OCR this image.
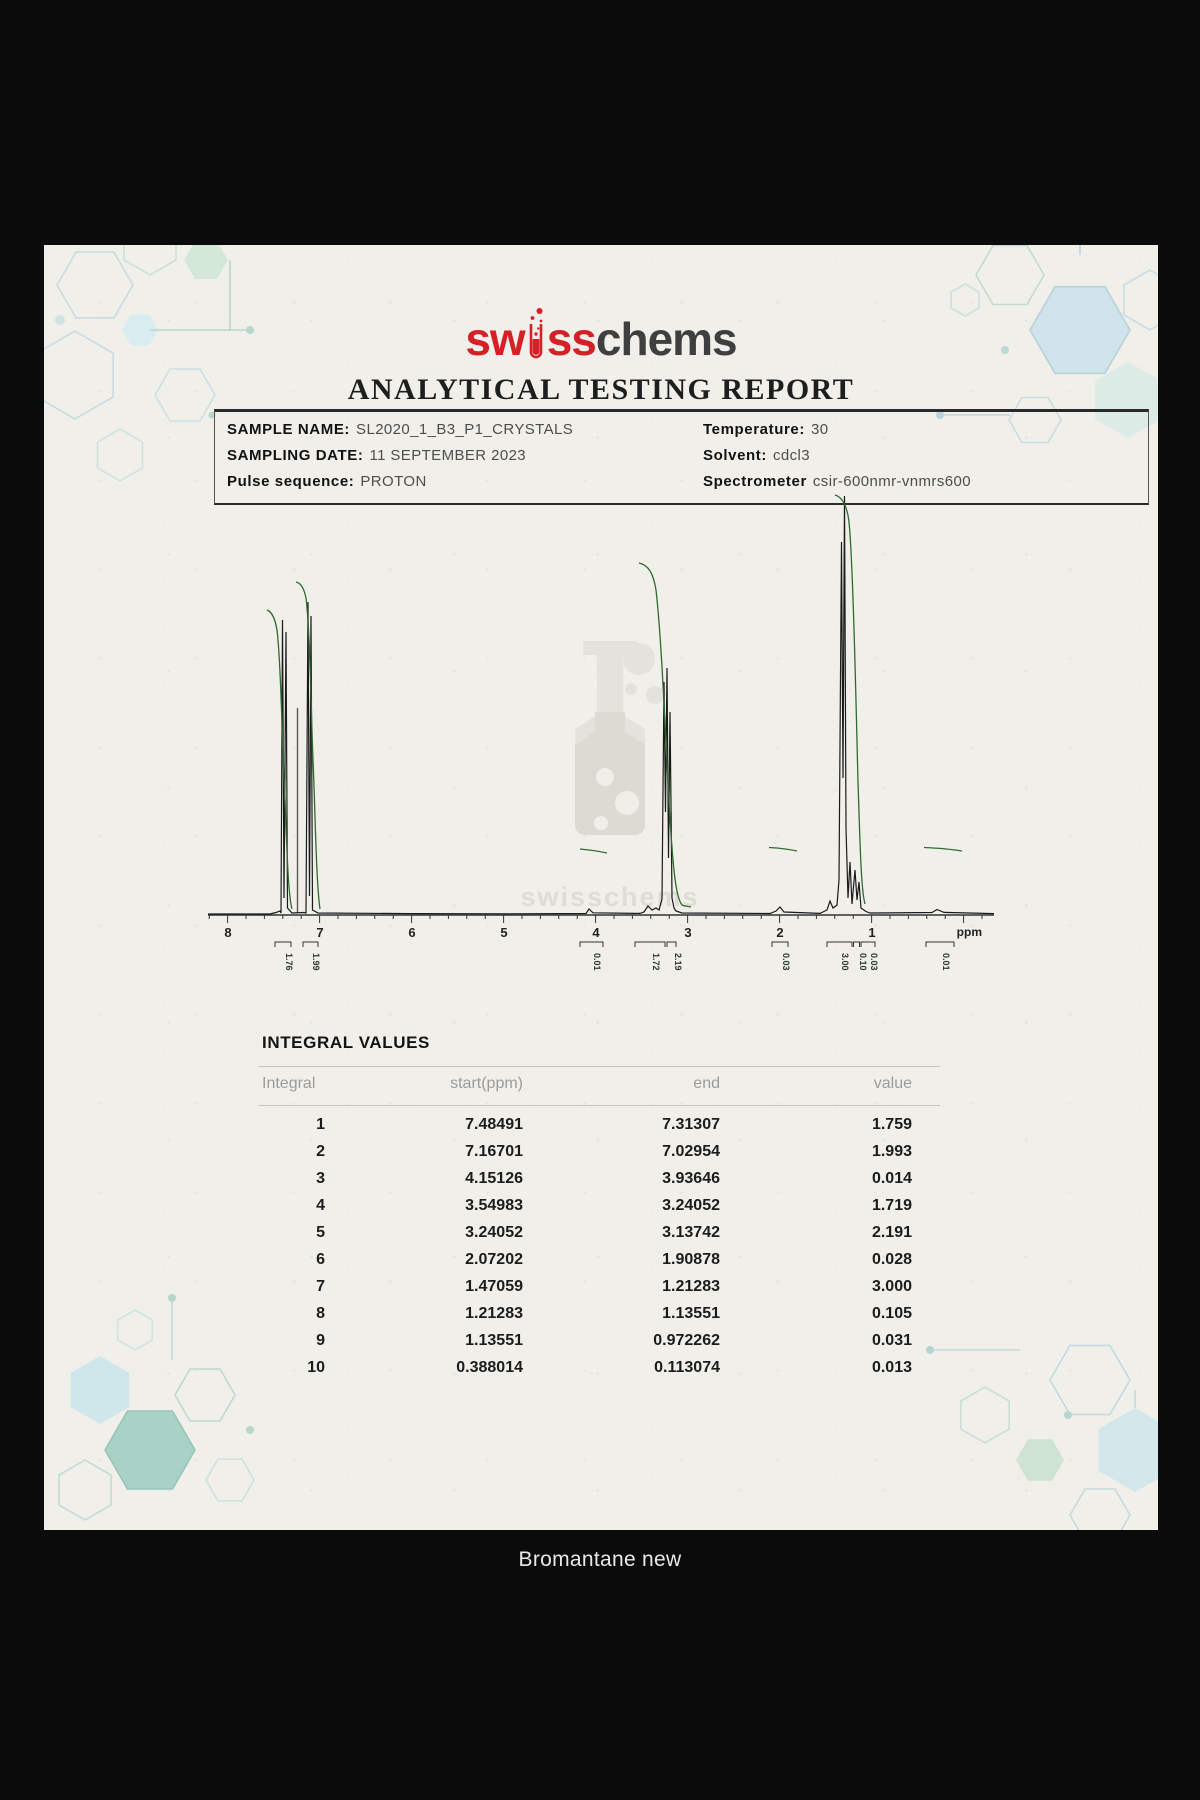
sw sschems
ANALYTICAL TESTING REPORT
SAMPLE NAME: SL2020_1_B3_P1_CRYSTALS	Temperature: 30
SAMPLING DATE: 11 SEPTEMBER 2023	Solvent: cdcl3
Pulse sequence: PROTON	Spectrometer csir-600nmr-vnmrs600
swisschems
8	7	6	5	4	3	2	1	ppm
1.76 1.99	0.01	1.72 2.19	0.03	3.00 0.10 0.03	0.01
INTEGRAL VALUES
Integral	start(ppm)	end	value
1	7.48491	7.31307	1.759
2	7.16701	7.02954	1.993
3	4.15126	3.93646	0.014
4	3.54983	3.24052	1.719
5	3.24052	3.13742	2.191
6	2.07202	1.90878	0.028
7	1.47059	1.21283	3.000
8	1.21283	1.13551	0.105
9	1.13551	0.972262	0.031
10	0.388014	0.113074	0.013
Bromantane new
